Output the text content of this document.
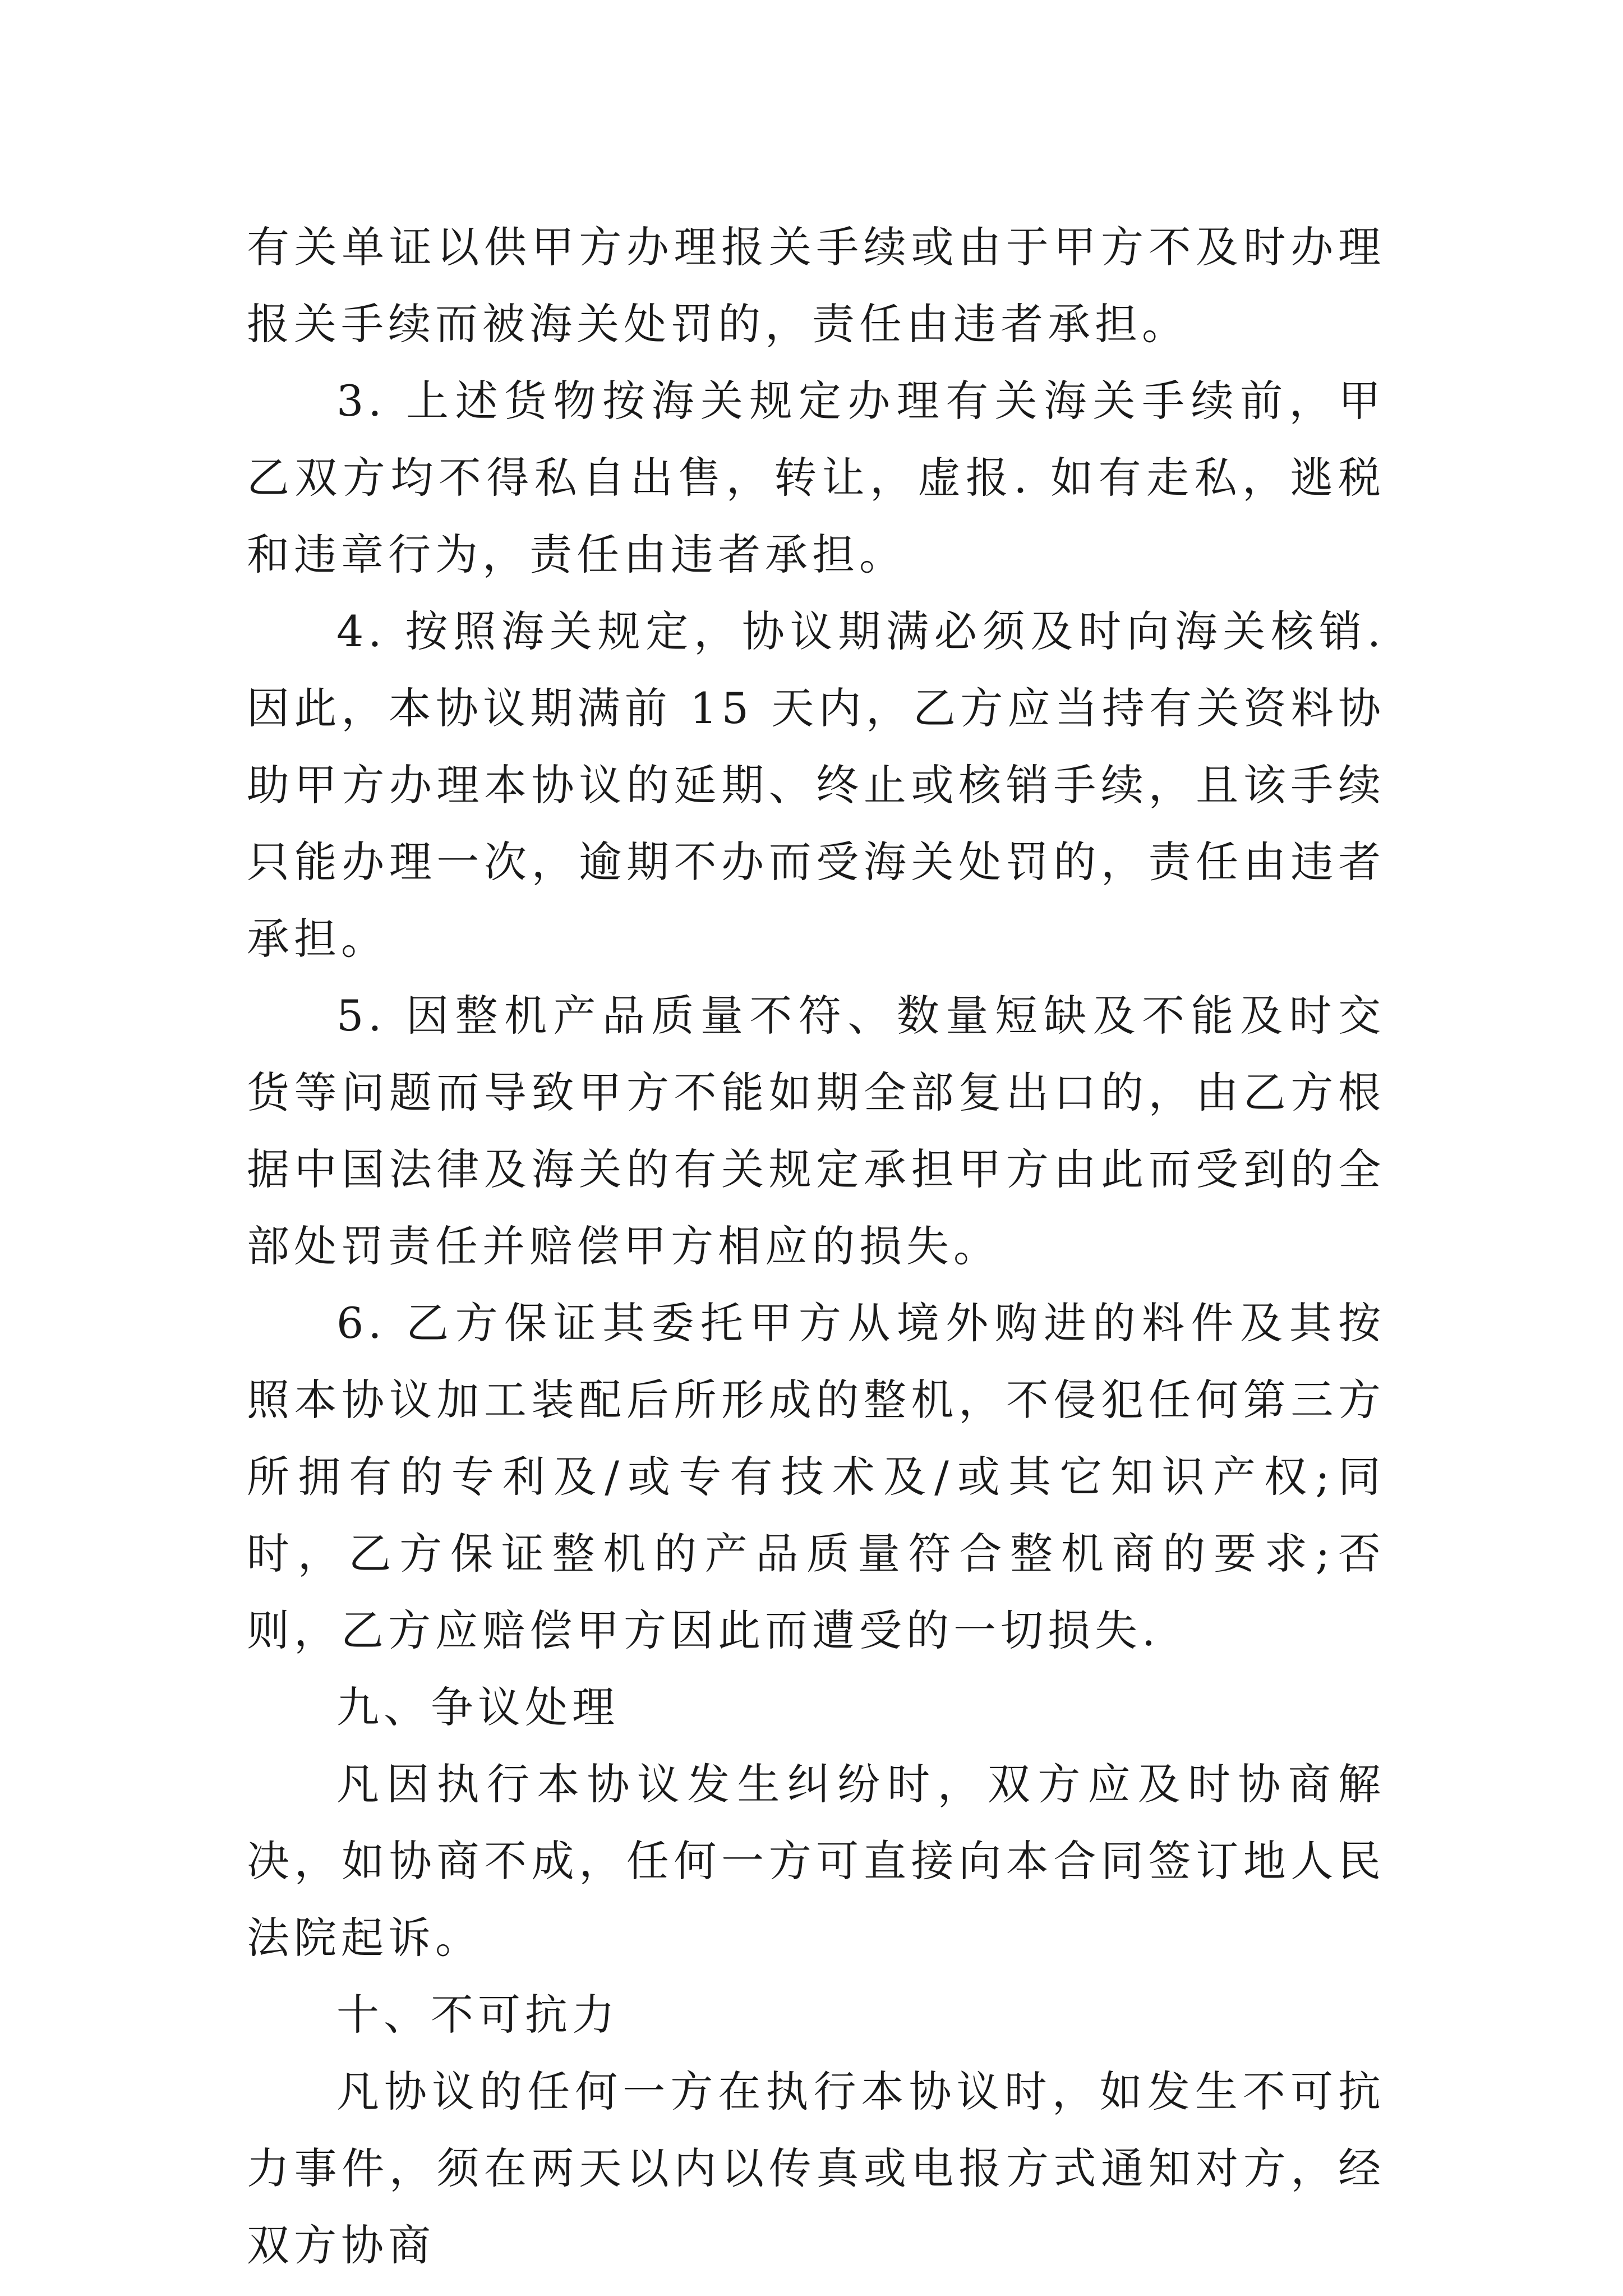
有关单证以供甲方办理报关手续或由于甲方不及时办理报关手续而被海关处罚的，责任由违者承担。

3. 上述货物按海关规定办理有关海关手续前，甲乙双方均不得私自出售，转让，虚报. 如有走私，逃税和违章行为，责任由违者承担。

4. 按照海关规定，协议期满必须及时向海关核销. 因此，本协议期满前 15 天内，乙方应当持有关资料协助甲方办理本协议的延期、终止或核销手续，且该手续只能办理一次，逾期不办而受海关处罚的，责任由违者承担。

5. 因整机产品质量不符、数量短缺及不能及时交货等问题而导致甲方不能如期全部复出口的，由乙方根据中国法律及海关的有关规定承担甲方由此而受到的全部处罚责任并赔偿甲方相应的损失。

6. 乙方保证其委托甲方从境外购进的料件及其按照本协议加工装配后所形成的整机，不侵犯任何第三方所拥有的专利及/或专有技术及/或其它知识产权;同时，乙方保证整机的产品质量符合整机商的要求;否则，乙方应赔偿甲方因此而遭受的一切损失.

九、争议处理

凡因执行本协议发生纠纷时，双方应及时协商解决，如协商不成，任何一方可直接向本合同签订地人民法院起诉。

十、不可抗力

凡协议的任何一方在执行本协议时，如发生不可抗力事件，须在两天以内以传真或电报方式通知对方，经双方协商
